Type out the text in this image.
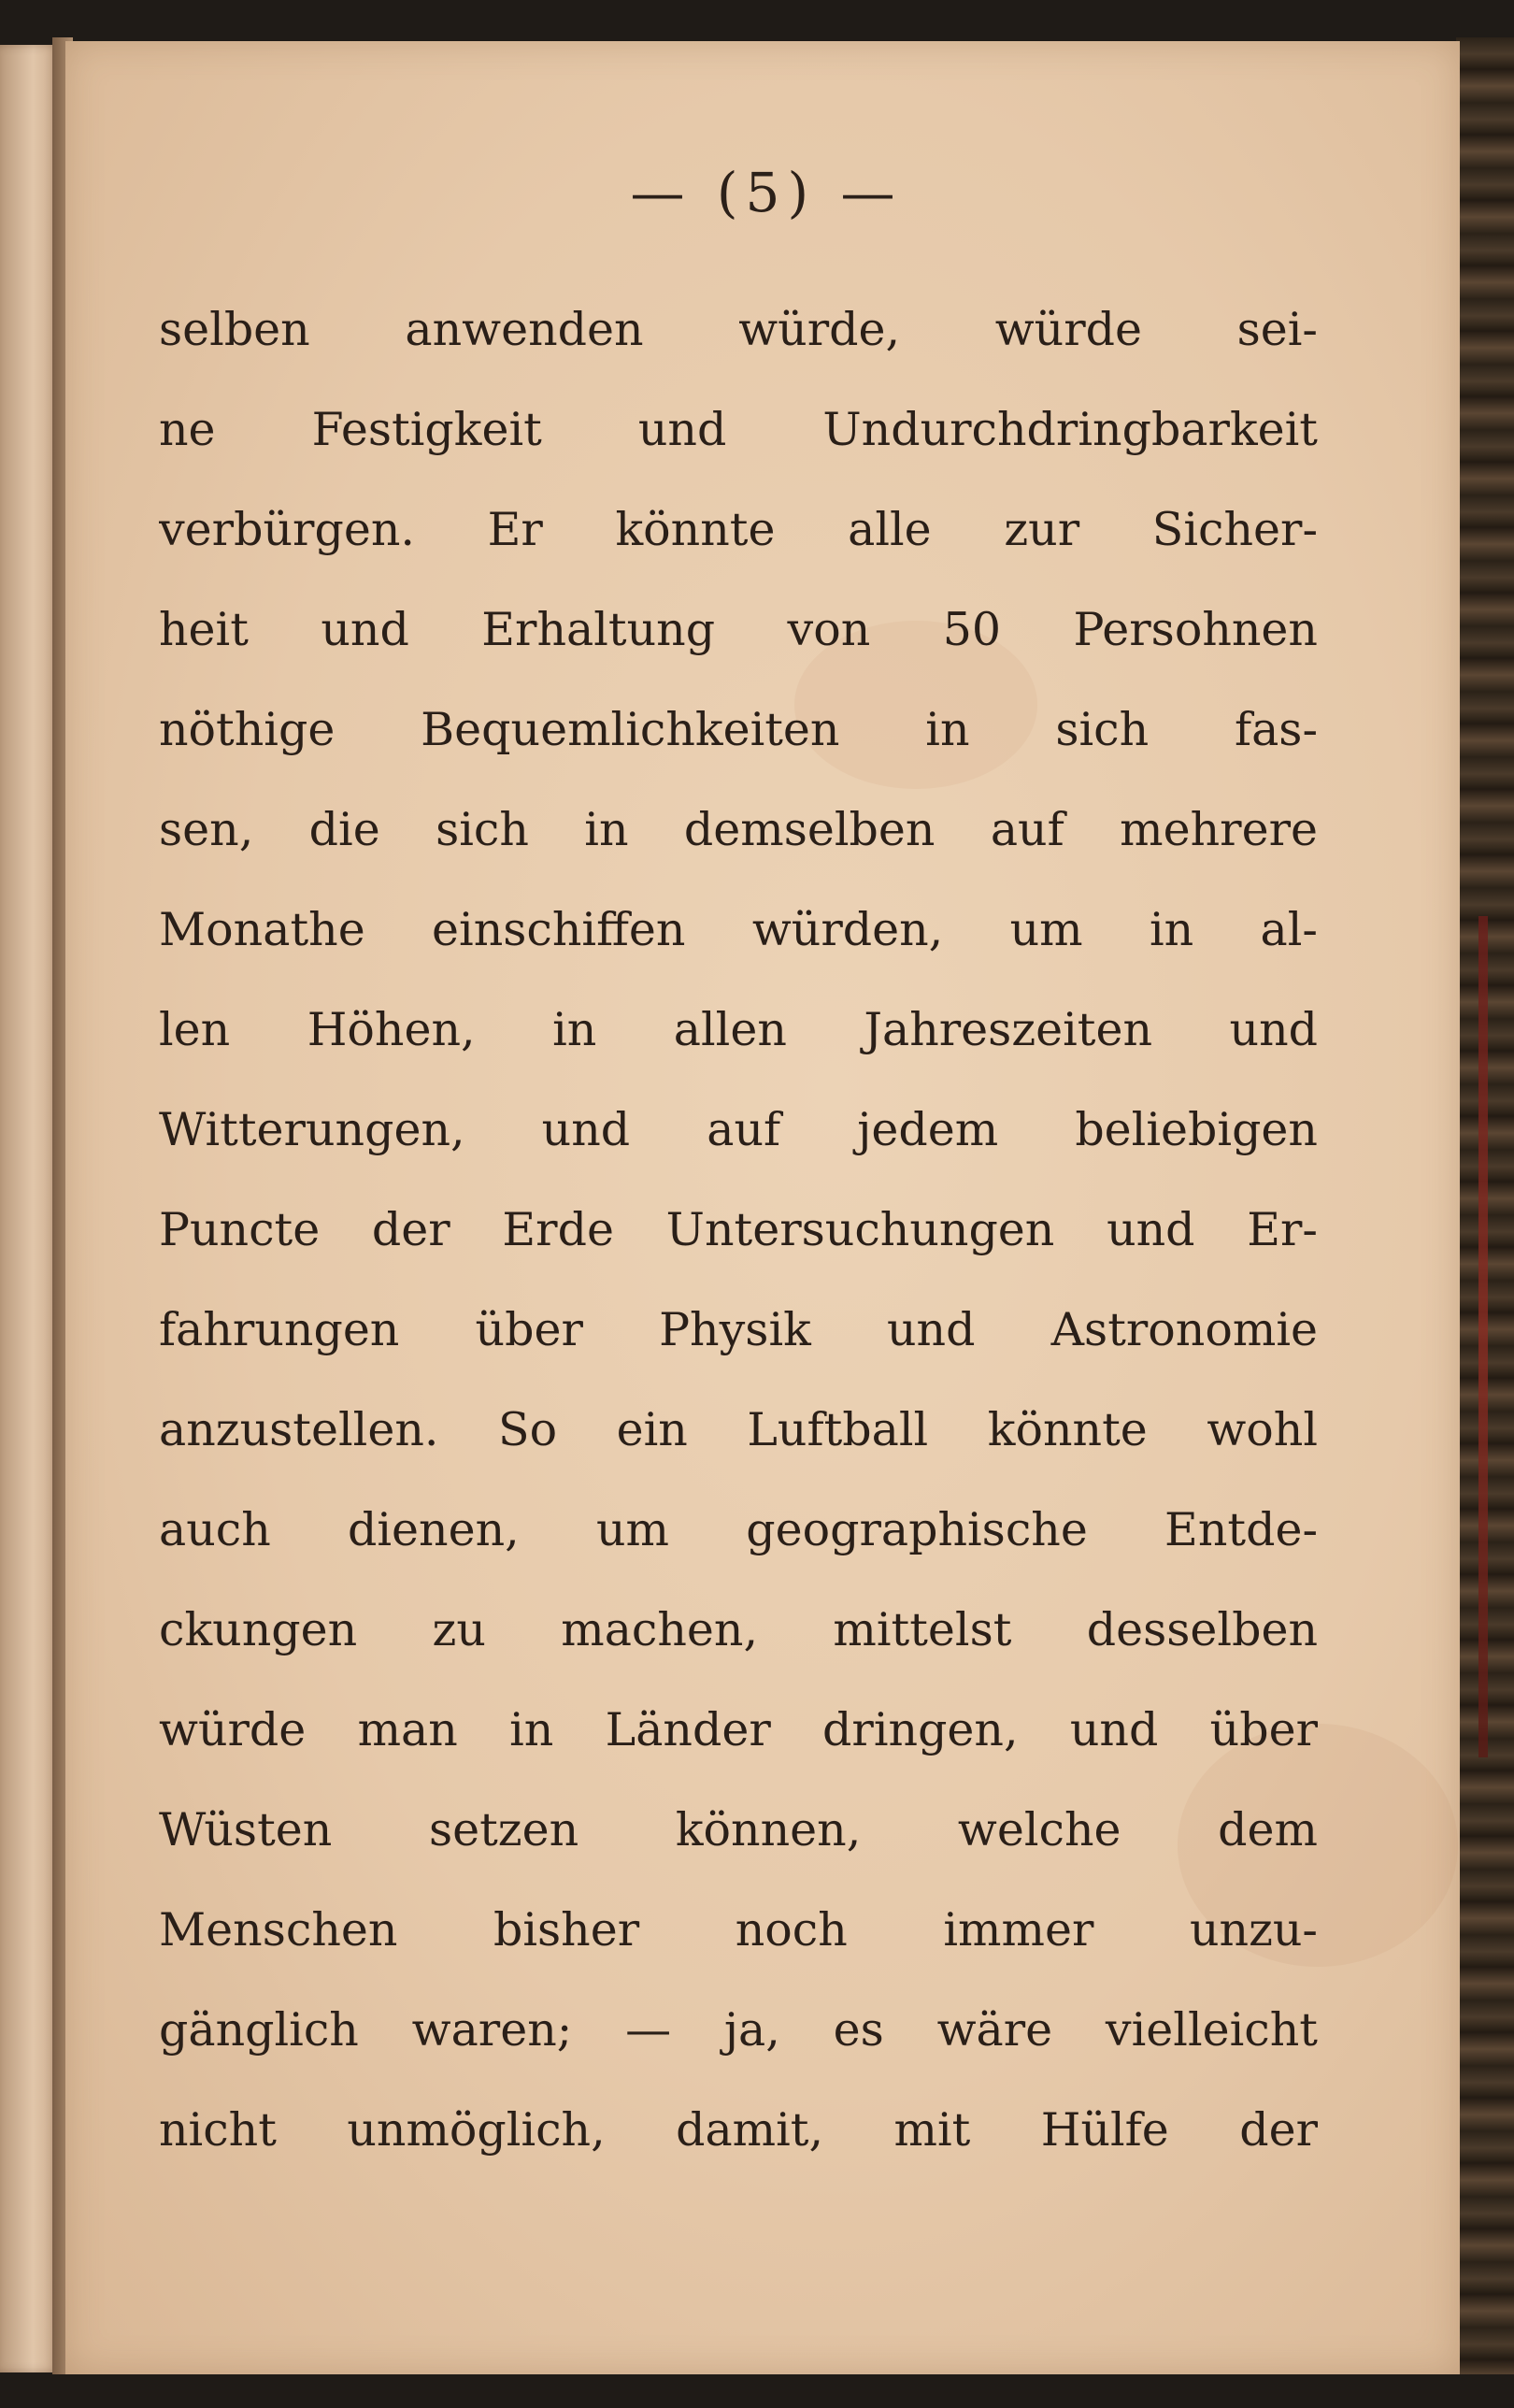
— (5) —

selben anwenden würde, würde sei-
ne Festigkeit und Undurchdringbarkeit
verbürgen. Er könnte alle zur Sicher-
heit und Erhaltung von 50 Persohnen
nöthige Bequemlichkeiten in sich fas-
sen, die sich in demselben auf mehrere
Monathe einschiffen würden, um in al-
len Höhen, in allen Jahreszeiten und
Witterungen, und auf jedem beliebigen
Puncte der Erde Untersuchungen und Er-
fahrungen über Physik und Astronomie
anzustellen. So ein Luftball könnte wohl
auch dienen, um geographische Entde-
ckungen zu machen, mittelst desselben
würde man in Länder dringen, und über
Wüsten setzen können, welche dem
Menschen bisher noch immer unzu-
gänglich waren; — ja, es wäre vielleicht
nicht unmöglich, damit, mit Hülfe der
